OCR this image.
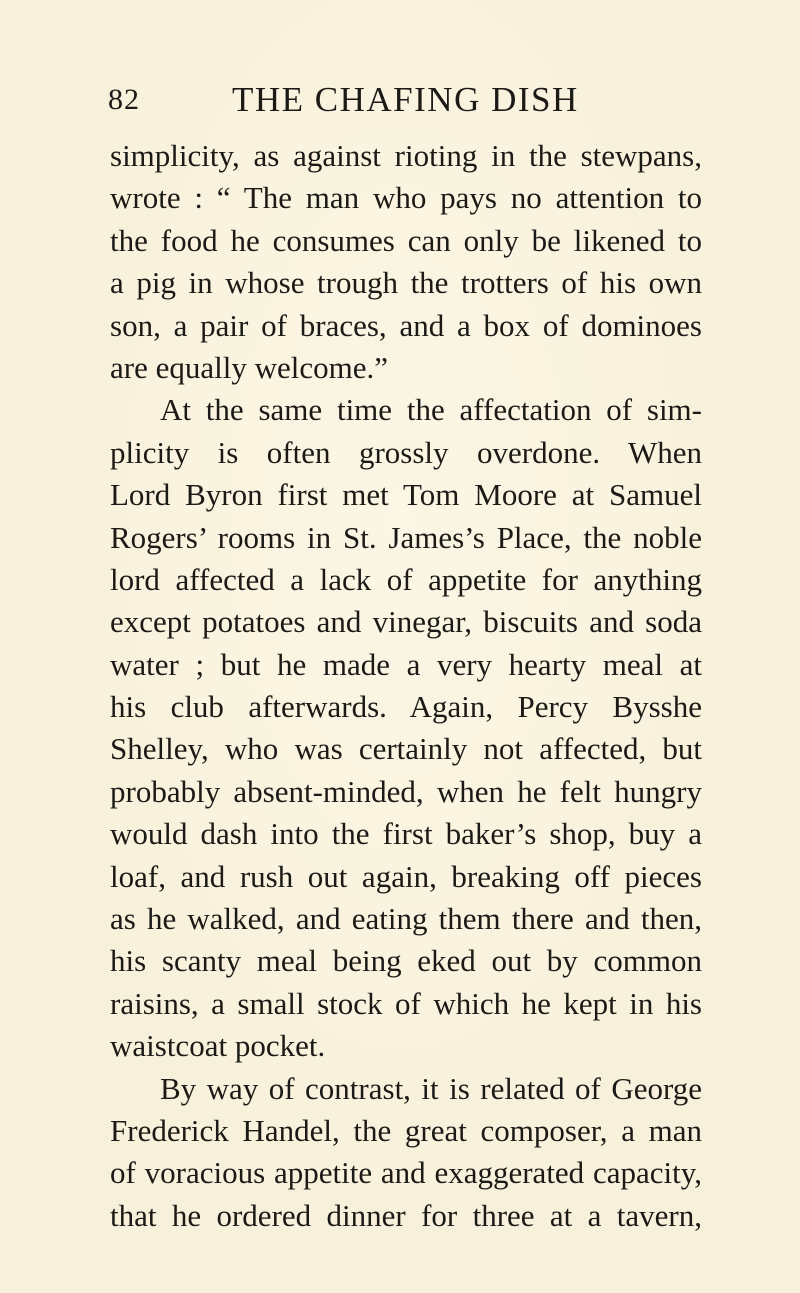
82	THE CHAFING DISH
simplicity, as against rioting in the stewpans,
wrote : “ The man who pays no attention to
the food he consumes can only be likened to
a pig in whose trough the trotters of his own
son, a pair of braces, and a box of dominoes
are equally welcome.”
At the same time the affectation of sim-
plicity is often grossly overdone. When
Lord Byron first met Tom Moore at Samuel
Rogers’ rooms in St. James’s Place, the noble
lord affected a lack of appetite for anything
except potatoes and vinegar, biscuits and soda
water ; but he made a very hearty meal at
his club afterwards. Again, Percy Bysshe
Shelley, who was certainly not affected, but
probably absent-minded, when he felt hungry
would dash into the first baker’s shop, buy a
loaf, and rush out again, breaking off pieces
as he walked, and eating them there and then,
his scanty meal being eked out by common
raisins, a small stock of which he kept in his
waistcoat pocket.
By way of contrast, it is related of George
Frederick Handel, the great composer, a man
of voracious appetite and exaggerated capacity,
that he ordered dinner for three at a tavern,
